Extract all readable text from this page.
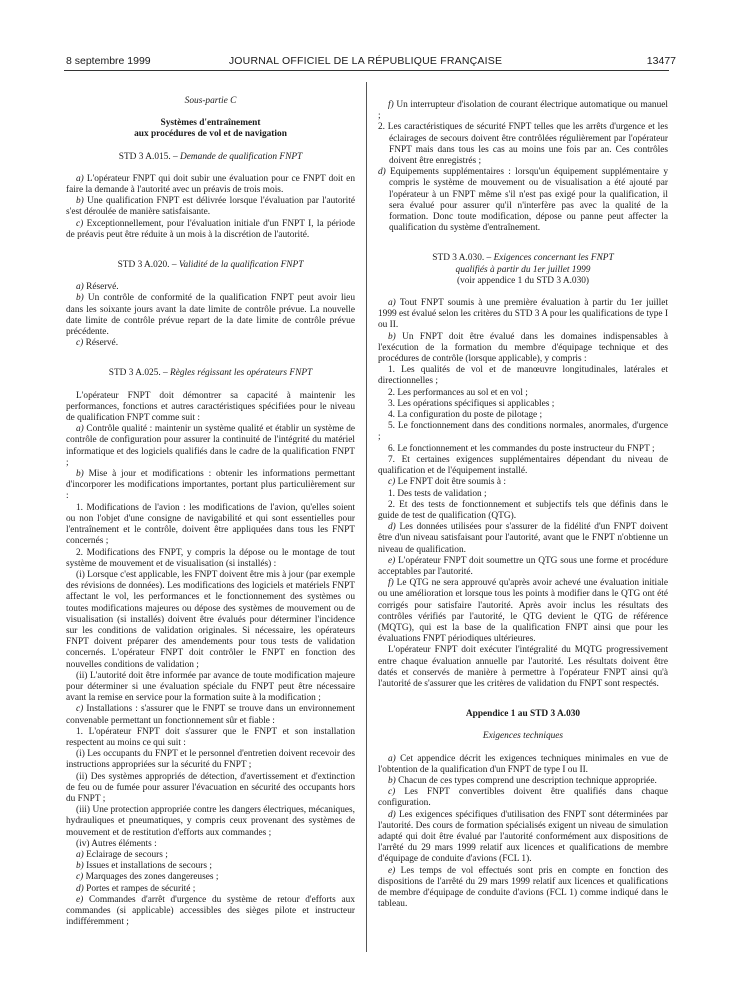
8 septembre 1999	JOURNAL OFFICIEL DE LA RÉPUBLIQUE FRANÇAISE	13477

Sous-partie C

Systèmes d'entraînement

aux procédures de vol et de navigation

STD 3 A.015. – Demande de qualification FNPT

a) L'opérateur FNPT qui doit subir une évaluation pour ce FNPT doit en faire la demande à l'autorité avec un préavis de trois mois.

b) Une qualification FNPT est délivrée lorsque l'évaluation par l'autorité s'est déroulée de manière satisfaisante.

c) Exceptionnellement, pour l'évaluation initiale d'un FNPT I, la période de préavis peut être réduite à un mois à la discrétion de l'autorité.

STD 3 A.020. – Validité de la qualification FNPT

a) Réservé.

b) Un contrôle de conformité de la qualification FNPT peut avoir lieu dans les soixante jours avant la date limite de contrôle prévue. La nouvelle date limite de contrôle prévue repart de la date limite de contrôle prévue précédente.

c) Réservé.

STD 3 A.025. – Règles régissant les opérateurs FNPT

L'opérateur FNPT doit démontrer sa capacité à maintenir les performances, fonctions et autres caractéristiques spécifiées pour le niveau de qualification FNPT comme suit :

a) Contrôle qualité : maintenir un système qualité et établir un système de contrôle de configuration pour assurer la continuité de l'intégrité du matériel informatique et des logiciels qualifiés dans le cadre de la qualification FNPT ;

b) Mise à jour et modifications : obtenir les informations permettant d'incorporer les modifications importantes, portant plus particulièrement sur :

1. Modifications de l'avion : les modifications de l'avion, qu'elles soient ou non l'objet d'une consigne de navigabilité et qui sont essentielles pour l'entraînement et le contrôle, doivent être appliquées dans tous les FNPT concernés ;

2. Modifications des FNPT, y compris la dépose ou le montage de tout système de mouvement et de visualisation (si installés) :

(i) Lorsque c'est applicable, les FNPT doivent être mis à jour (par exemple des révisions de données). Les modifications des logiciels et matériels FNPT affectant le vol, les performances et le fonctionnement des systèmes ou toutes modifications majeures ou dépose des systèmes de mouvement ou de visualisation (si installés) doivent être évalués pour déterminer l'incidence sur les conditions de validation originales. Si nécessaire, les opérateurs FNPT doivent préparer des amendements pour tous tests de validation concernés. L'opérateur FNPT doit contrôler le FNPT en fonction des nouvelles conditions de validation ;

(ii) L'autorité doit être informée par avance de toute modification majeure pour déterminer si une évaluation spéciale du FNPT peut être nécessaire avant la remise en service pour la formation suite à la modification ;

c) Installations : s'assurer que le FNPT se trouve dans un environnement convenable permettant un fonctionnement sûr et fiable :

1. L'opérateur FNPT doit s'assurer que le FNPT et son installation respectent au moins ce qui suit :

(i) Les occupants du FNPT et le personnel d'entretien doivent recevoir des instructions appropriées sur la sécurité du FNPT ;

(ii) Des systèmes appropriés de détection, d'avertissement et d'extinction de feu ou de fumée pour assurer l'évacuation en sécurité des occupants hors du FNPT ;

(iii) Une protection appropriée contre les dangers électriques, mécaniques, hydrauliques et pneumatiques, y compris ceux provenant des systèmes de mouvement et de restitution d'efforts aux commandes ;

(iv) Autres éléments :

a) Eclairage de secours ;

b) Issues et installations de secours ;

c) Marquages des zones dangereuses ;

d) Portes et rampes de sécurité ;

e) Commandes d'arrêt d'urgence du système de retour d'efforts aux commandes (si applicable) accessibles des sièges pilote et instructeur indifféremment ;

f) Un interrupteur d'isolation de courant électrique automatique ou manuel ;

2. Les caractéristiques de sécurité FNPT telles que les arrêts d'urgence et les éclairages de secours doivent être contrôlées régulièrement par l'opérateur FNPT mais dans tous les cas au moins une fois par an. Ces contrôles doivent être enregistrés ;

d) Equipements supplémentaires : lorsqu'un équipement supplémentaire y compris le système de mouvement ou de visualisation a été ajouté par l'opérateur à un FNPT même s'il n'est pas exigé pour la qualification, il sera évalué pour assurer qu'il n'interfère pas avec la qualité de la formation. Donc toute modification, dépose ou panne peut affecter la qualification du système d'entraînement.

STD 3 A.030. – Exigences concernant les FNPT

qualifiés à partir du 1er juillet 1999

(voir appendice 1 du STD 3 A.030)

a) Tout FNPT soumis à une première évaluation à partir du 1er juillet 1999 est évalué selon les critères du STD 3 A pour les qualifications de type I ou II.

b) Un FNPT doit être évalué dans les domaines indispensables à l'exécution de la formation du membre d'équipage technique et des procédures de contrôle (lorsque applicable), y compris :

1. Les qualités de vol et de manœuvre longitudinales, latérales et directionnelles ;

2. Les performances au sol et en vol ;

3. Les opérations spécifiques si applicables ;

4. La configuration du poste de pilotage ;

5. Le fonctionnement dans des conditions normales, anormales, d'urgence ;

6. Le fonctionnement et les commandes du poste instructeur du FNPT ;

7. Et certaines exigences supplémentaires dépendant du niveau de qualification et de l'équipement installé.

c) Le FNPT doit être soumis à :

1. Des tests de validation ;

2. Et des tests de fonctionnement et subjectifs tels que définis dans le guide de test de qualification (QTG).

d) Les données utilisées pour s'assurer de la fidélité d'un FNPT doivent être d'un niveau satisfaisant pour l'autorité, avant que le FNPT n'obtienne un niveau de qualification.

e) L'opérateur FNPT doit soumettre un QTG sous une forme et procédure acceptables par l'autorité.

f) Le QTG ne sera approuvé qu'après avoir achevé une évaluation initiale ou une amélioration et lorsque tous les points à modifier dans le QTG ont été corrigés pour satisfaire l'autorité. Après avoir inclus les résultats des contrôles vérifiés par l'autorité, le QTG devient le QTG de référence (MQTG), qui est la base de la qualification FNPT ainsi que pour les évaluations FNPT périodiques ultérieures.

L'opérateur FNPT doit exécuter l'intégralité du MQTG progressivement entre chaque évaluation annuelle par l'autorité. Les résultats doivent être datés et conservés de manière à permettre à l'opérateur FNPT ainsi qu'à l'autorité de s'assurer que les critères de validation du FNPT sont respectés.

Appendice 1 au STD 3 A.030

Exigences techniques

a) Cet appendice décrit les exigences techniques minimales en vue de l'obtention de la qualification d'un FNPT de type I ou II.

b) Chacun de ces types comprend une description technique appropriée.

c) Les FNPT convertibles doivent être qualifiés dans chaque configuration.

d) Les exigences spécifiques d'utilisation des FNPT sont déterminées par l'autorité. Des cours de formation spécialisés exigent un niveau de simulation adapté qui doit être évalué par l'autorité conformément aux dispositions de l'arrêté du 29 mars 1999 relatif aux licences et qualifications de membre d'équipage de conduite d'avions (FCL 1).

e) Les temps de vol effectués sont pris en compte en fonction des dispositions de l'arrêté du 29 mars 1999 relatif aux licences et qualifications de membre d'équipage de conduite d'avions (FCL 1) comme indiqué dans le tableau.
